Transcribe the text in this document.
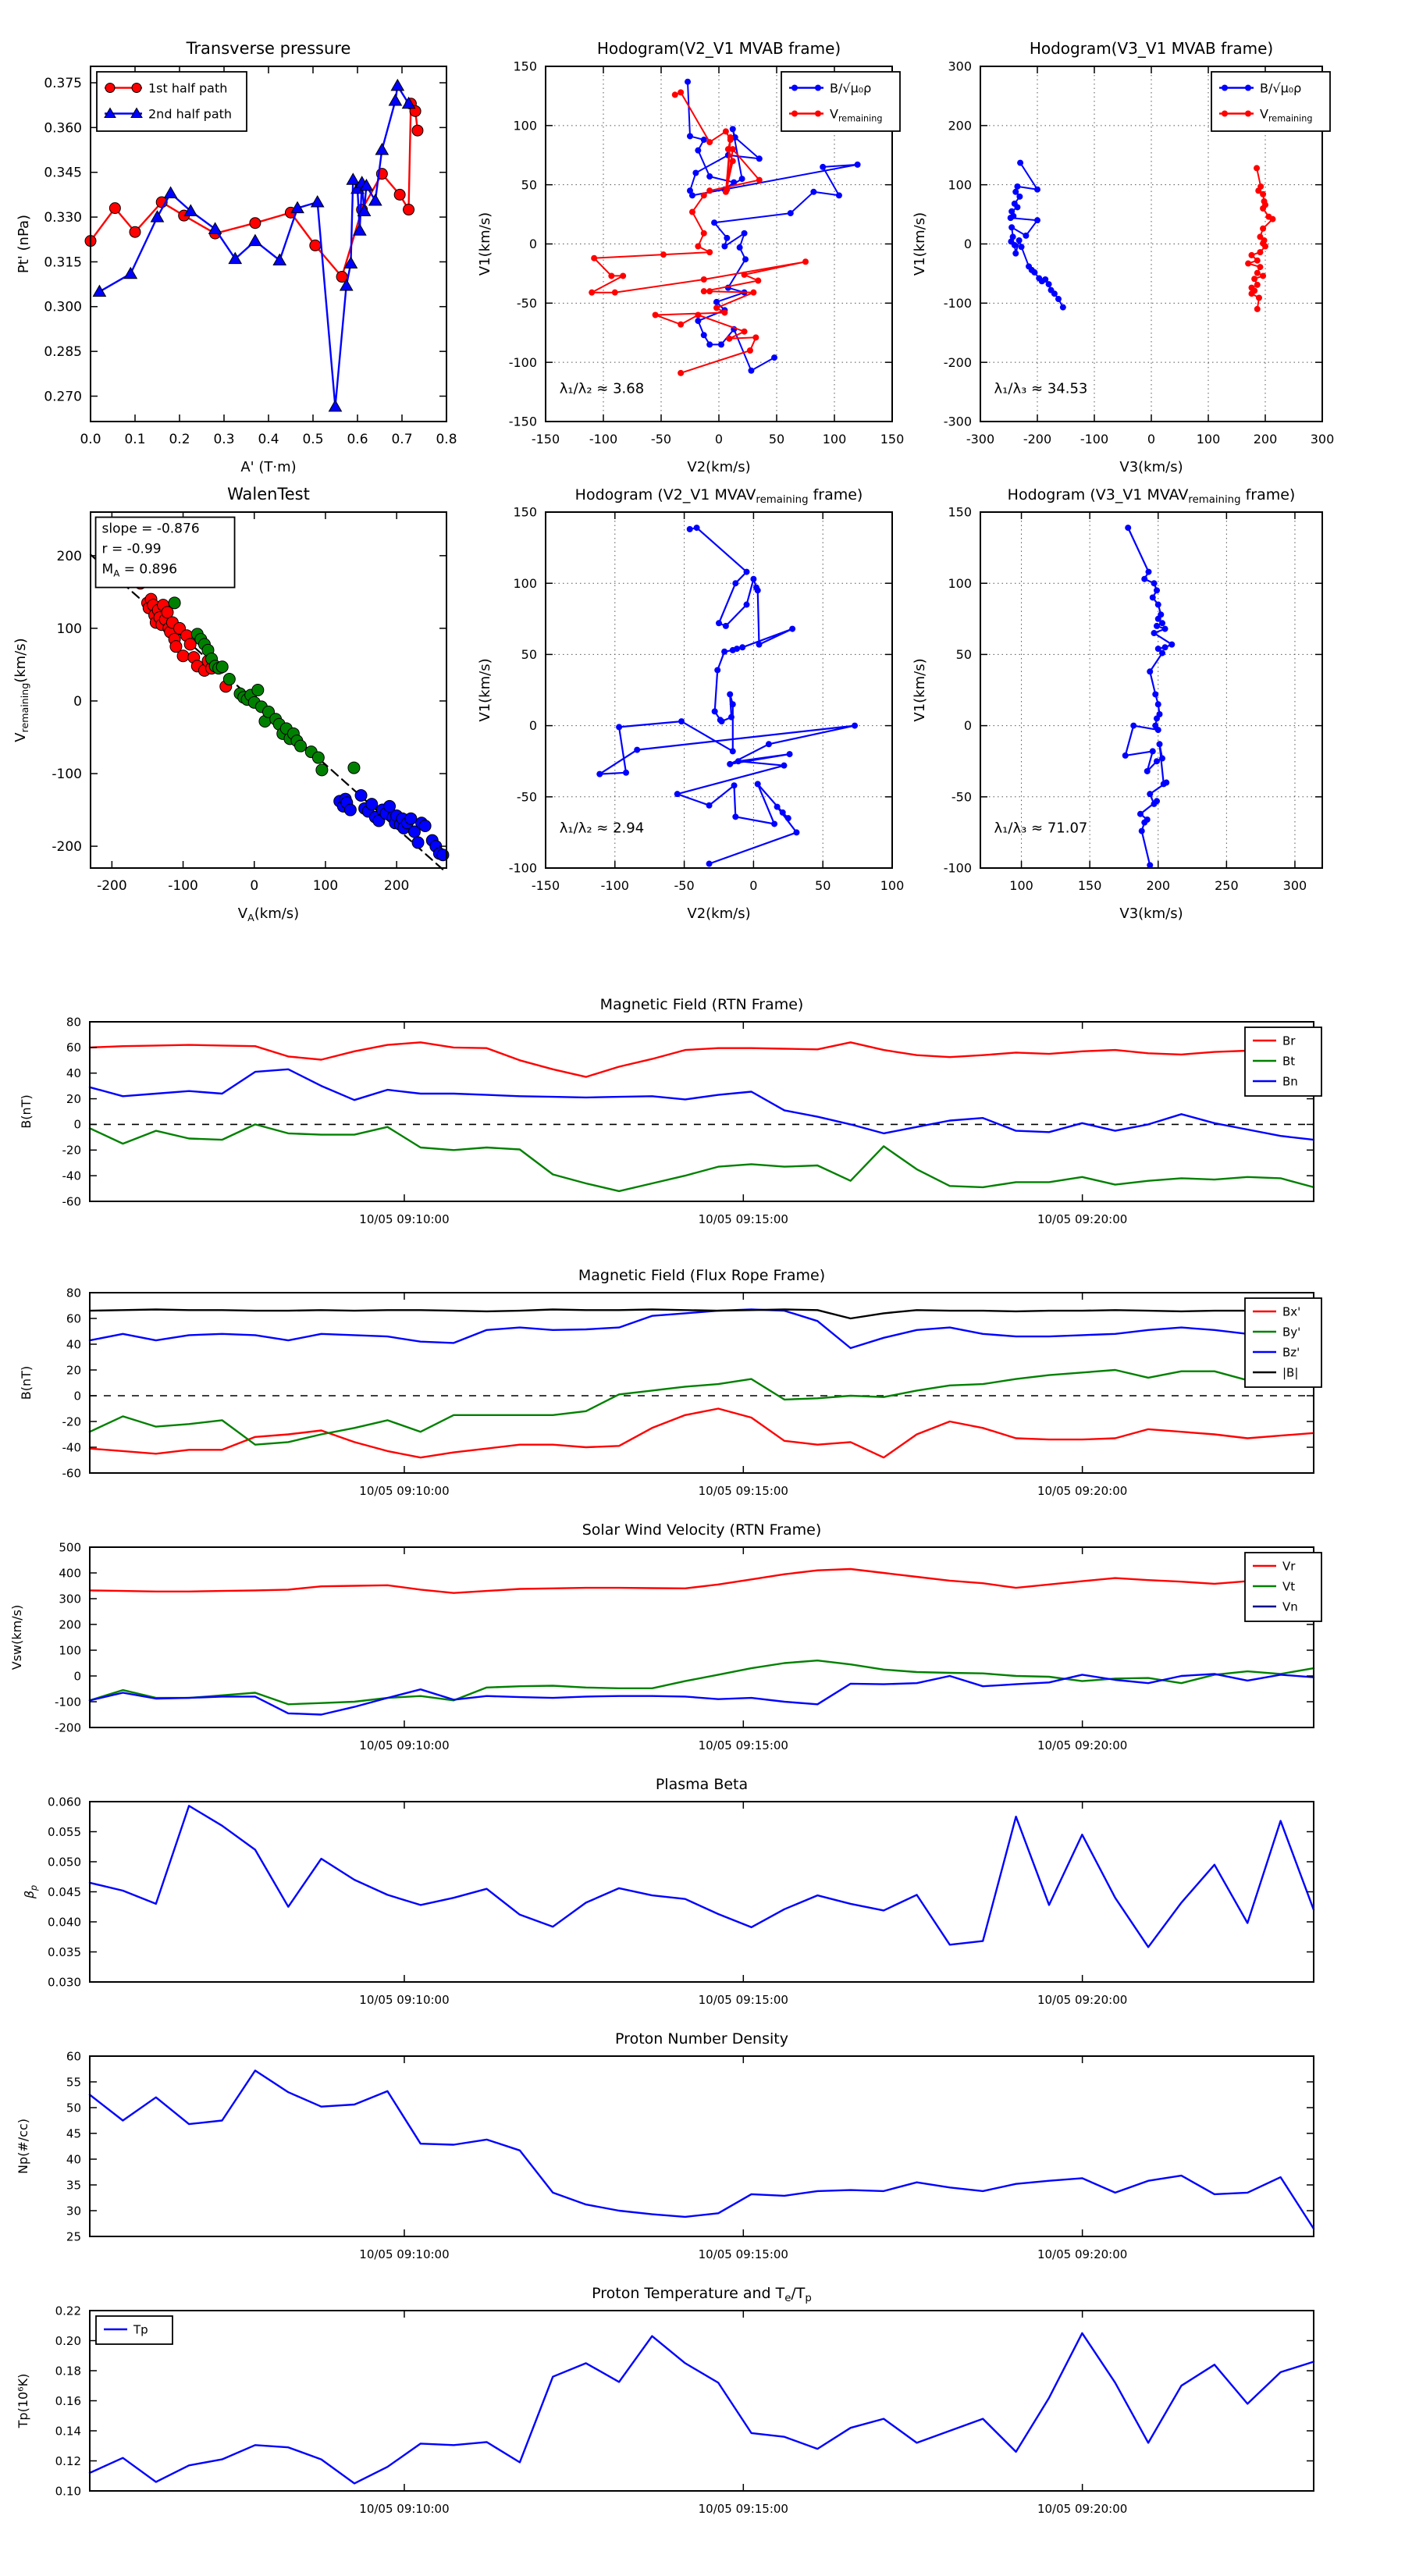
0.0 0.1 0.2 0.3 0.4 0.5 0.6 0.7 0.8
0.270
0.285
0.300
0.315
0.330
0.345
0.360
0.375
Transverse pressure
A' (T·m)
Pt' (nPa)
1st half path
2nd half path
-150 -100	-50	0	50	100	150
-150
-100
-50
0
50
100
150
Hodogram(V2_V1 MVAB frame)
V2(km/s)
V1(km/s)
B/√μ₀ρ
$V_{remaining}$
λ₁/λ₂ ≈ 3.68
-300 -200 -100	0	100	200	300
-300
-200
-100
0
100
200
300
Hodogram(V3_V1 MVAB frame)
V3(km/s)
V1(km/s)
B/√μ₀ρ
$V_{remaining}$
λ₁/λ₃ ≈ 34.53
-200	-100	0	100	200
-200
-100
0
100
200
WalenTest
$V_A(km/s)$
$V_{remaining}(km/s)$
slope = -0.876
r = -0.99
$M_A = 0.896$
-150	-100	-50	0	50	100
-100
-50
0
50
100
150
Hodogram (V2_V1 $MVAV_{remaining}$ frame)
V2(km/s)
V1(km/s)
λ₁/λ₂ ≈ 2.94
100	150	200	250	300
-100
-50
0
50
100
150
Hodogram (V3_V1 $MVAV_{remaining}$ frame)
V3(km/s)
V1(km/s)
λ₁/λ₃ ≈ 71.07
10/05 09:10:00	10/05 09:15:00	10/05 09:20:00
-60
-40
-20
0
20
40
60
80
Magnetic Field (RTN Frame)
B(nT)
Br
Bt
Bn
10/05 09:10:00	10/05 09:15:00	10/05 09:20:00
-60
-40
-20
0
20
40
60
80
Magnetic Field (Flux Rope Frame)
B(nT)
Bx'
By'
Bz'
|B|
10/05 09:10:00	10/05 09:15:00	10/05 09:20:00
-200
-100
0
100
200
300
400
500
Solar Wind Velocity (RTN Frame)
Vsw(km/s)
Vr
Vt
Vn
10/05 09:10:00	10/05 09:15:00	10/05 09:20:00
0.030
0.035
0.040
0.045
0.050
0.055
0.060
Plasma Beta
$\beta_p$
10/05 09:10:00	10/05 09:15:00	10/05 09:20:00
25
30
35
40
45
50
55
60
Proton Number Density
Np(#/cc)
10/05 09:10:00	10/05 09:15:00	10/05 09:20:00
0.10
0.12
0.14
0.16
0.18
0.20
0.22
Proton Temperature and $T_e/T_p$
Tp(10⁶K)
Tp
